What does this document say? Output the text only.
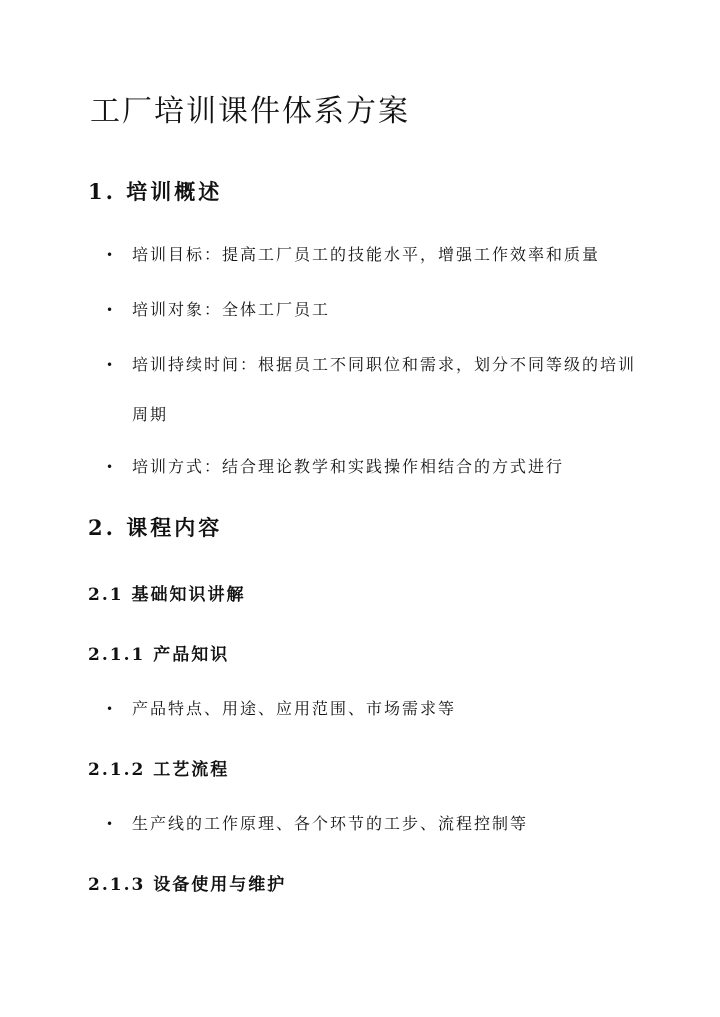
工厂培训课件体系方案
1. 培训概述
•	培训目标：提高工厂员工的技能水平，增强工作效率和质量
•	培训对象：全体工厂员工
•	培训持续时间：根据员工不同职位和需求，划分不同等级的培训周期
•	培训方式：结合理论教学和实践操作相结合的方式进行
2. 课程内容
2.1 基础知识讲解
2.1.1 产品知识
•	产品特点、用途、应用范围、市场需求等
2.1.2 工艺流程
•	生产线的工作原理、各个环节的工步、流程控制等
2.1.3 设备使用与维护
